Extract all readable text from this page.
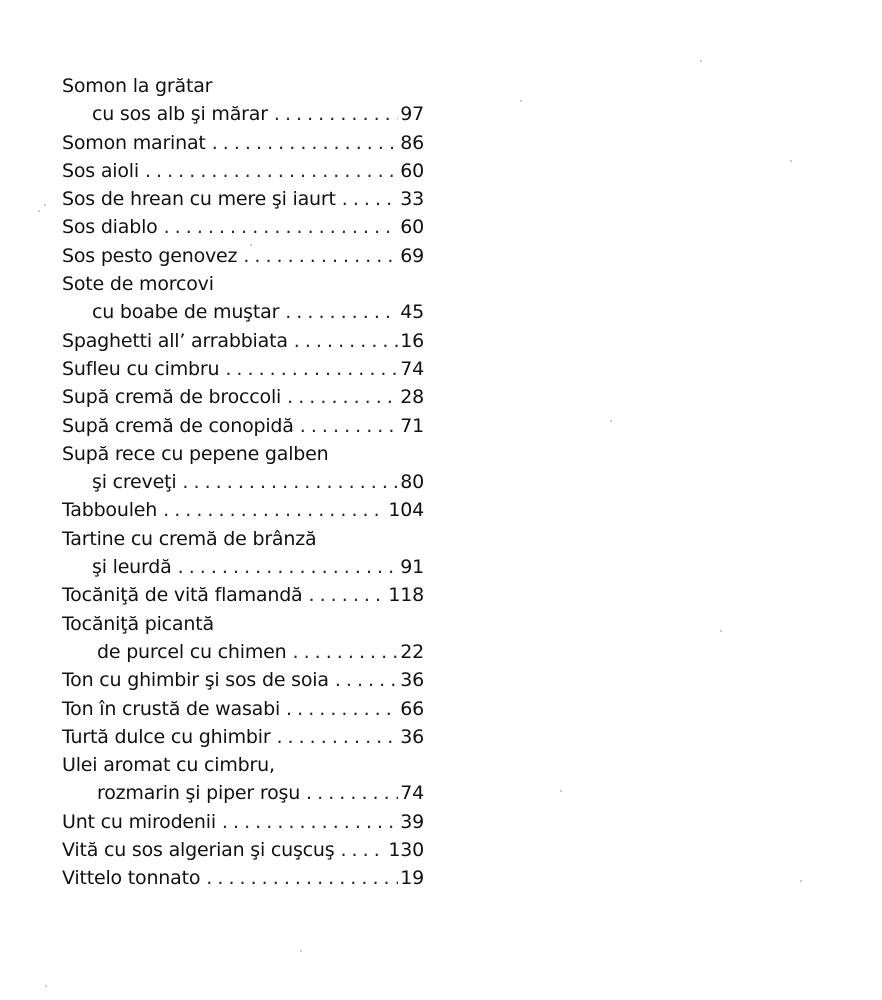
Somon la grătar
cu sos alb şi mărar . . .	97
Somon marinat . . .	86
Sos aioli . . .	60
Sos de hrean cu mere şi iaurt . . .	33
Sos diablo . . .	60
Sos pesto genovez . . .	69
Sote de morcovi
cu boabe de muştar . . .	45
Spaghetti all’ arrabbiata . . .	16
Sufleu cu cimbru . . .	74
Supă cremă de broccoli . . .	28
Supă cremă de conopidă . . .	71
Supă rece cu pepene galben
şi creveţi . . .	80
Tabbouleh . . .	104
Tartine cu cremă de brânză
şi leurdă . . .	91
Tocăniţă de vită flamandă . . .	118
Tocăniţă picantă
de purcel cu chimen . . .	22
Ton cu ghimbir şi sos de soia . . .	36
Ton în crustă de wasabi . . .	66
Turtă dulce cu ghimbir . . .	36
Ulei aromat cu cimbru,
rozmarin şi piper roşu . . .	74
Unt cu mirodenii . . .	39
Vită cu sos algerian şi cuşcuş . . .	130
Vittelo tonnato . . .	19
